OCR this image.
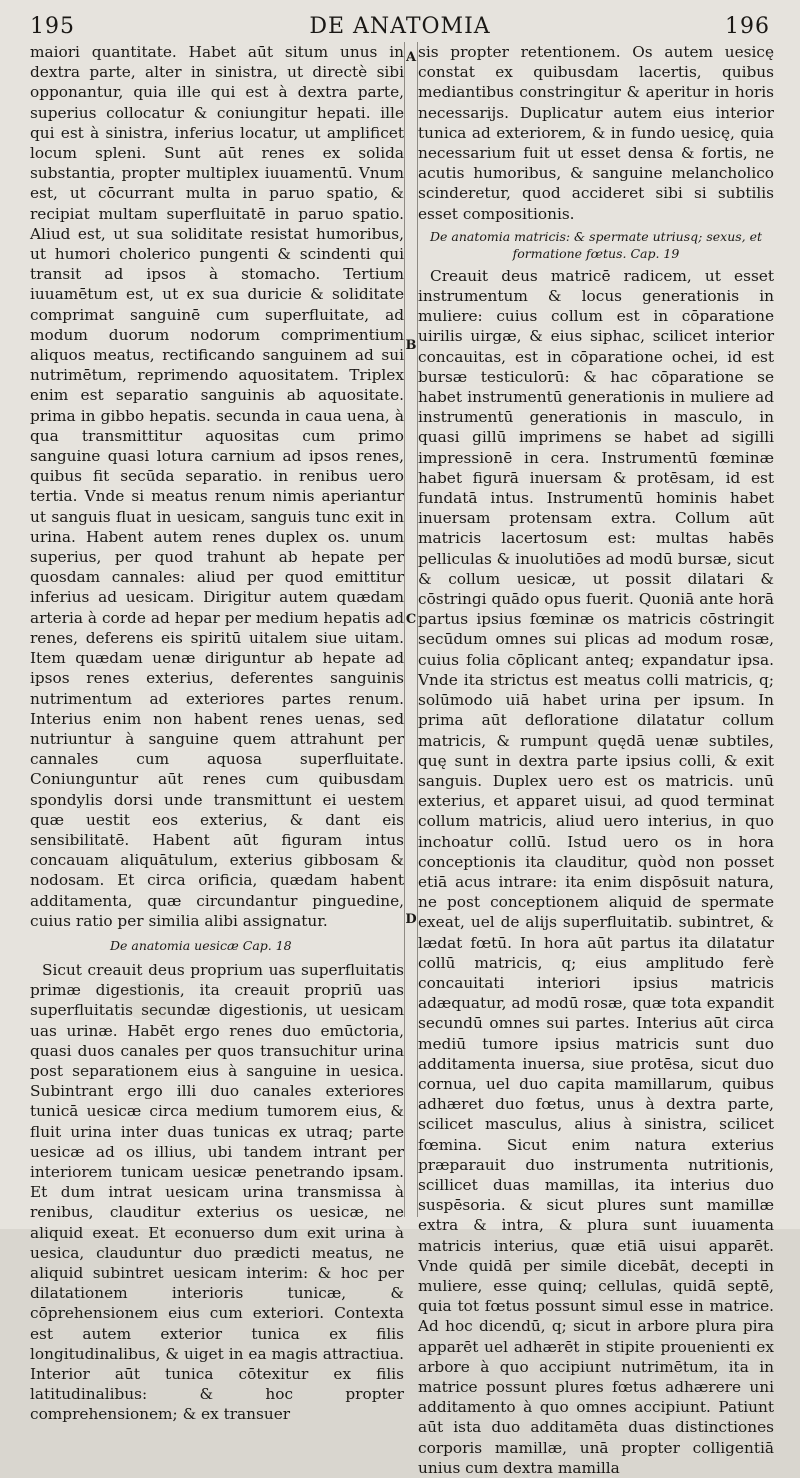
195	DE ANATOMIA	196
A
B
C
D

maiori quantitate. Habet aūt situm unus in dextra parte, alter in sinistra, ut directè sibi opponantur, quia ille qui est à dextra parte, superius collocatur & coniungitur hepati. ille qui est à sinistra, inferius locatur, ut amplificet locum spleni. Sunt aūt renes ex solida substantia, propter multiplex iuuamentū. Vnum est, ut cōcurrant multa in paruo spatio, & recipiat multam superfluitatē in paruo spatio. Aliud est, ut sua soliditate resistat humoribus, ut humori cholerico pungenti & scindenti qui transit ad ipsos à stomacho. Tertium iuuamētum est, ut ex sua duricie & soliditate comprimat sanguinē cum superfluitate, ad modum duorum nodorum comprimentium aliquos meatus, rectificando sanguinem ad sui nutrimētum, reprimendo aquositatem. Triplex enim est separatio sanguinis ab aquositate. prima in gibbo hepatis. secunda in caua uena, à qua transmittitur aquositas cum primo sanguine quasi lotura carnium ad ipsos renes, quibus fit secūda separatio. in renibus uero tertia. Vnde si meatus renum nimis aperiantur ut sanguis fluat in uesicam, sanguis tunc exit in urina. Habent autem renes duplex os. unum superius, per quod trahunt ab hepate per quosdam cannales: aliud per quod emittitur inferius ad uesicam. Dirigitur autem quædam arteria à corde ad hepar per medium hepatis ad renes, deferens eis spiritū uitalem siue uitam. Item quædam uenæ diriguntur ab hepate ad ipsos renes exterius, deferentes sanguinis nutrimentum ad exteriores partes renum. Interius enim non habent renes uenas, sed nutriuntur à sanguine quem attrahunt per cannales cum aquosa superfluitate. Coniunguntur aūt renes cum quibusdam spondylis dorsi unde transmittunt ei uestem quæ uestit eos exterius, & dant eis sensibilitatē. Habent aūt figuram intus concauam aliquātulum, exterius gibbosam & nodosam. Et circa orificia, quædam habent additamenta, quæ circundantur pinguedine, cuius ratio per similia alibi assignatur.

De anatomia uesicæ Cap. 18

Sicut creauit deus proprium uas superfluitatis primæ digestionis, ita creauit propriū uas superfluitatis secundæ digestionis, ut uesicam uas urinæ. Habēt ergo renes duo emūctoria, quasi duos canales per quos transuchitur urina post separationem eius à sanguine in uesica. Subintrant ergo illi duo canales exteriores tunicā uesicæ circa medium tumorem eius, & fluit urina inter duas tunicas ex utraq; parte uesicæ ad os illius, ubi tandem intrant per interiorem tunicam uesicæ penetrando ipsam. Et dum intrat uesicam urina transmissa à renibus, clauditur exterius os uesicæ, ne aliquid exeat. Et econuerso dum exit urina à uesica, clauduntur duo prædicti meatus, ne aliquid subintret uesicam interim: & hoc per dilatationem interioris tunicæ, & cōprehensionem eius cum exteriori. Contexta est autem exterior tunica ex filis longitudinalibus, & uiget in ea magis attractiua. Interior aūt tunica cōtexitur ex filis latitudinalibus: & hoc propter comprehensionem; & ex transuer

sis propter retentionem. Os autem uesicę constat ex quibusdam lacertis, quibus mediantibus constringitur & aperitur in horis necessarijs. Duplicatur autem eius interior tunica ad exteriorem, & in fundo uesicę, quia necessarium fuit ut esset densa & fortis, ne acutis humoribus, & sanguine melancholico scinderetur, quod accideret sibi si subtilis esset compositionis.

De anatomia matricis: & spermate utriusq; sexus, et
formatione fœtus. Cap. 19

Creauit deus matricē radicem, ut esset instrumentum & locus generationis in muliere: cuius collum est in cōparatione uirilis uirgæ, & eius siphac, scilicet interior concauitas, est in cōparatione ochei, id est bursæ testiculorū: & hac cōparatione se habet instrumentū generationis in muliere ad instrumentū generationis in masculo, in quasi gillū imprimens se habet ad sigilli impressionē in cera. Instrumentū fœminæ habet figurā inuersam & protēsam, id est fundatā intus. Instrumentū hominis habet inuersam protensam extra. Collum aūt matricis lacertosum est: multas habēs pelliculas & inuolutiōes ad modū bursæ, sicut & collum uesicæ, ut possit dilatari & cōstringi quādo opus fuerit. Quoniā ante horā partus ipsius fœminæ os matricis cōstringit secūdum omnes sui plicas ad modum rosæ, cuius folia cōplicant anteq; expandatur ipsa. Vnde ita strictus est meatus colli matricis, q; solūmodo uiā habet urina per ipsum. In prima aūt defloratione dilatatur collum matricis, & rumpunt quędā uenæ subtiles, quę sunt in dextra parte ipsius colli, & exit sanguis. Duplex uero est os matricis. unū exterius, et apparet uisui, ad quod terminat collum matricis, aliud uero interius, in quo inchoatur collū. Istud uero os in hora conceptionis ita clauditur, quòd non posset etiā acus intrare: ita enim dispōsuit natura, ne post conceptionem aliquid de spermate exeat, uel de alijs superfluitatib. subintret, & lædat fœtū. In hora aūt partus ita dilatatur collū matricis, q; eius amplitudo ferè concauitati interiori ipsius matricis adæquatur, ad modū rosæ, quæ tota expandit secundū omnes sui partes. Interius aūt circa mediū tumore ipsius matricis sunt duo additamenta inuersa, siue protēsa, sicut duo cornua, uel duo capita mamillarum, quibus adhæret duo fœtus, unus à dextra parte, scilicet masculus, alius à sinistra, scilicet fœmina. Sicut enim natura exterius præparauit duo instrumenta nutritionis, scillicet duas mamillas, ita interius duo suspēsoria. & sicut plures sunt mamillæ extra & intra, & plura sunt iuuamenta matricis interius, quæ etiā uisui apparēt. Vnde quidā per simile dicebāt, decepti in muliere, esse quinq; cellulas, quidā septē, quia tot fœtus possunt simul esse in matrice. Ad hoc dicendū, q; sicut in arbore plura pira apparēt uel adhærēt in stipite prouenienti ex arbore à quo accipiunt nutrimētum, ita in matrice possunt plures fœtus adhærere uni additamento à quo omnes accipiunt. Patiunt aūt ista duo additamēta duas distinctiones corporis mamillæ, unā propter colligentiā unius cum dextra mamilla
